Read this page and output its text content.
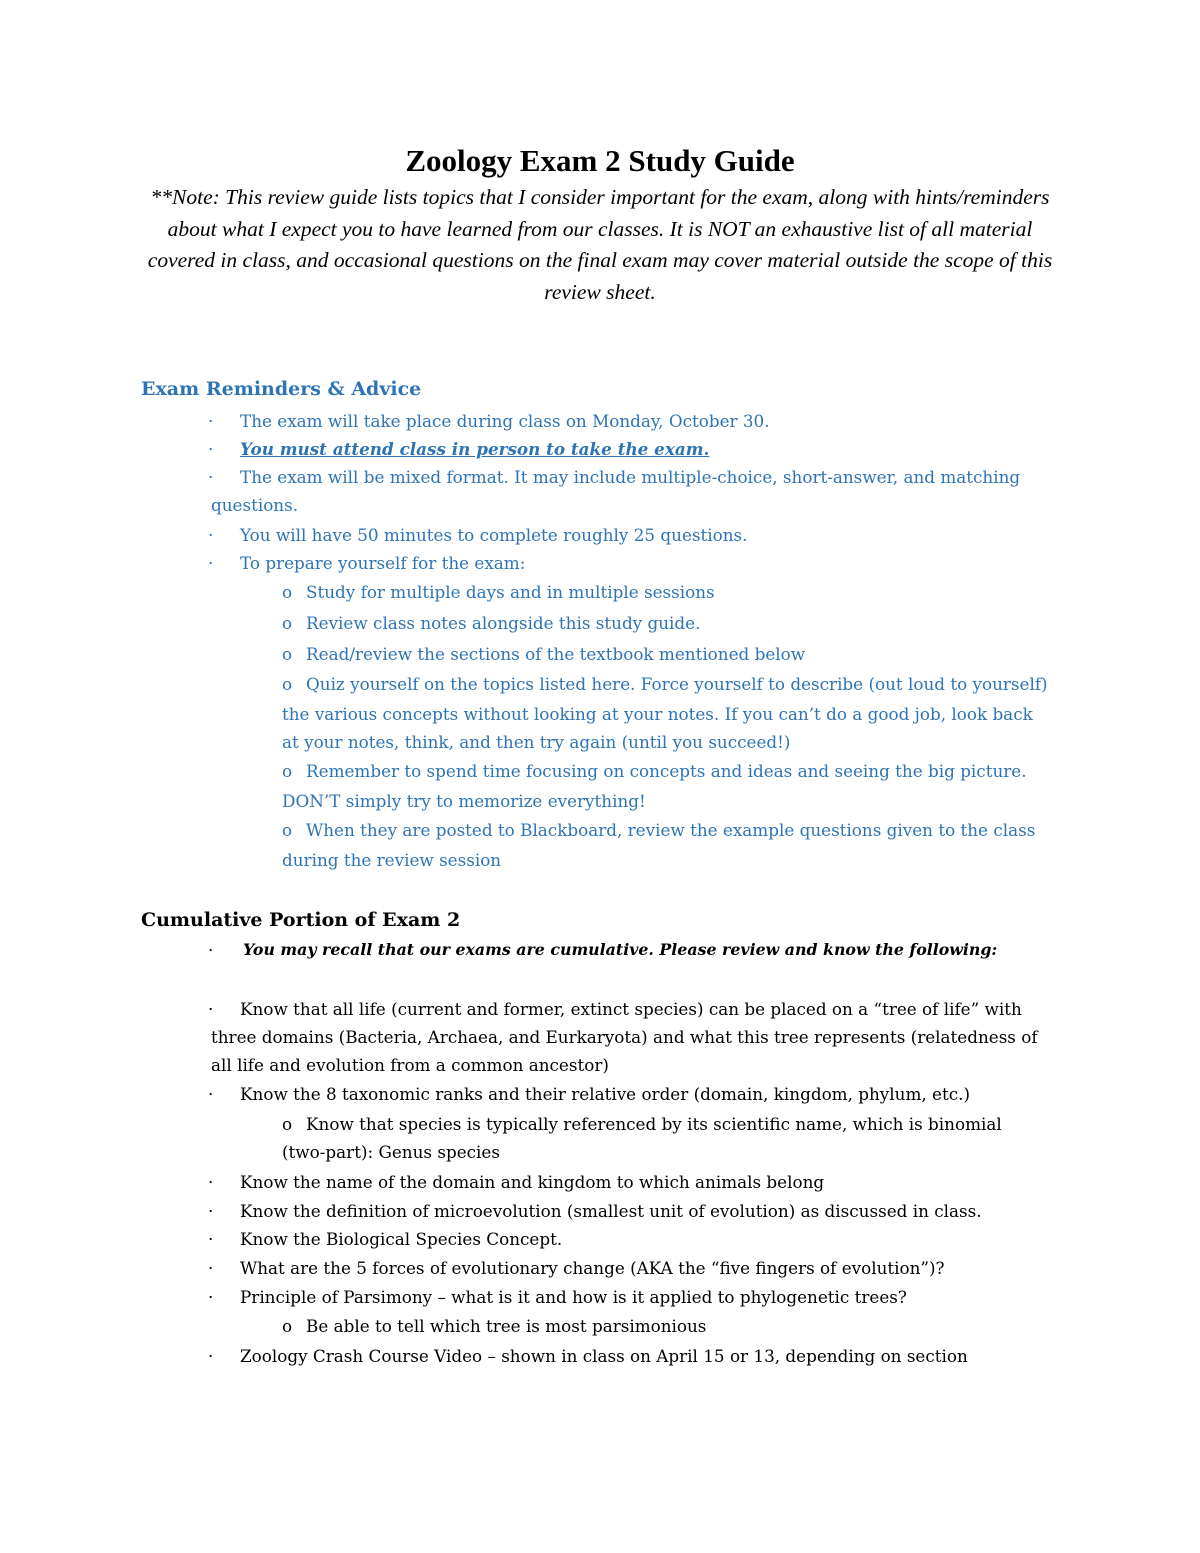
Zoology Exam 2 Study Guide
**Note: This review guide lists topics that I consider important for the exam, along with hints/reminders about what I expect you to have learned from our classes. It is NOT an exhaustive list of all material covered in class, and occasional questions on the final exam may cover material outside the scope of this review sheet.
Exam Reminders & Advice
· The exam will take place during class on Monday, October 30.
· You must attend class in person to take the exam.
· The exam will be mixed format. It may include multiple-choice, short-answer, and matching
questions.
· You will have 50 minutes to complete roughly 25 questions.
· To prepare yourself for the exam:
o Study for multiple days and in multiple sessions
o Review class notes alongside this study guide.
o Read/review the sections of the textbook mentioned below
o Quiz yourself on the topics listed here. Force yourself to describe (out loud to yourself)
the various concepts without looking at your notes. If you can’t do a good job, look back
at your notes, think, and then try again (until you succeed!)
o Remember to spend time focusing on concepts and ideas and seeing the big picture.
DON’T simply try to memorize everything!
o When they are posted to Blackboard, review the example questions given to the class
during the review session
Cumulative Portion of Exam 2
· You may recall that our exams are cumulative. Please review and know the following:
· Know that all life (current and former, extinct species) can be placed on a “tree of life” with
three domains (Bacteria, Archaea, and Eurkaryota) and what this tree represents (relatedness of
all life and evolution from a common ancestor)
· Know the 8 taxonomic ranks and their relative order (domain, kingdom, phylum, etc.)
o Know that species is typically referenced by its scientific name, which is binomial
(two-part): Genus species
· Know the name of the domain and kingdom to which animals belong
· Know the definition of microevolution (smallest unit of evolution) as discussed in class.
· Know the Biological Species Concept.
· What are the 5 forces of evolutionary change (AKA the “five fingers of evolution”)?
· Principle of Parsimony – what is it and how is it applied to phylogenetic trees?
o Be able to tell which tree is most parsimonious
· Zoology Crash Course Video – shown in class on April 15 or 13, depending on section
